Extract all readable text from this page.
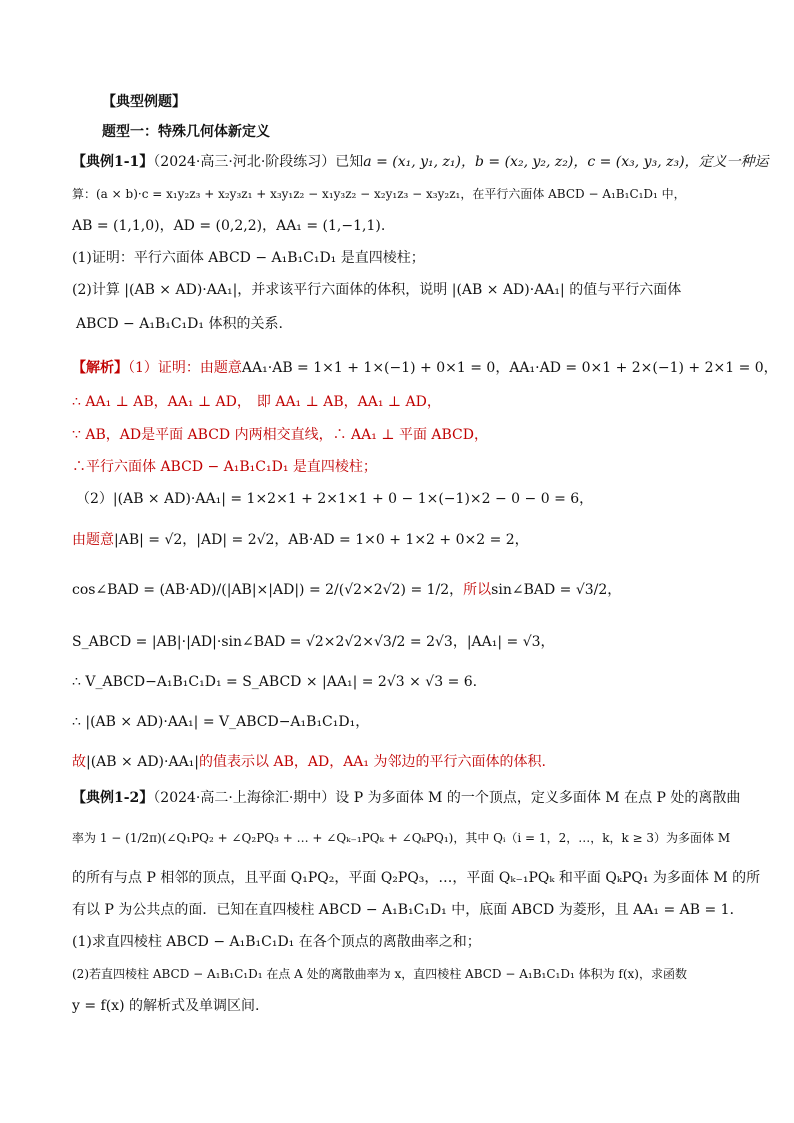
【典型例题】
题型一：特殊几何体新定义
【典例1-1】（2024·高三·河北·阶段练习）已知a = (x₁, y₁, z₁)，b = (x₂, y₂, z₂)，c = (x₃, y₃, z₃)，定义一种运
算：(a × b)·c = x₁y₂z₃ + x₂y₃z₁ + x₃y₁z₂ − x₁y₃z₂ − x₂y₁z₃ − x₃y₂z₁，在平行六面体 ABCD − A₁B₁C₁D₁ 中，
AB = (1,1,0)，AD = (0,2,2)，AA₁ = (1,−1,1).
(1)证明：平行六面体 ABCD − A₁B₁C₁D₁ 是直四棱柱；
(2)计算 |(AB × AD)·AA₁|，并求该平行六面体的体积，说明 |(AB × AD)·AA₁| 的值与平行六面体
ABCD − A₁B₁C₁D₁ 体积的关系.
【解析】（1）证明：由题意AA₁·AB = 1×1 + 1×(−1) + 0×1 = 0，AA₁·AD = 0×1 + 2×(−1) + 2×1 = 0，
∴ AA₁ ⊥ AB，AA₁ ⊥ AD， 即 AA₁ ⊥ AB，AA₁ ⊥ AD，
∵ AB，AD是平面 ABCD 内两相交直线，∴ AA₁ ⊥ 平面 ABCD，
∴平行六面体 ABCD − A₁B₁C₁D₁ 是直四棱柱；
（2）|(AB × AD)·AA₁| = 1×2×1 + 2×1×1 + 0 − 1×(−1)×2 − 0 − 0 = 6，
由题意|AB| = √2，|AD| = 2√2，AB·AD = 1×0 + 1×2 + 0×2 = 2，
cos∠BAD = (AB·AD)/(|AB|×|AD|) = 2/(√2×2√2) = 1/2，所以sin∠BAD = √3/2，
S_ABCD = |AB|·|AD|·sin∠BAD = √2×2√2×√3/2 = 2√3，|AA₁| = √3，
∴ V_ABCD−A₁B₁C₁D₁ = S_ABCD × |AA₁| = 2√3 × √3 = 6.
∴ |(AB × AD)·AA₁| = V_ABCD−A₁B₁C₁D₁，
故|(AB × AD)·AA₁|的值表示以 AB，AD，AA₁ 为邻边的平行六面体的体积.
【典例1-2】（2024·高二·上海徐汇·期中）设 P 为多面体 M 的一个顶点，定义多面体 M 在点 P 处的离散曲
率为 1 − (1/2π)(∠Q₁PQ₂ + ∠Q₂PQ₃ + … + ∠Qₖ₋₁PQₖ + ∠QₖPQ₁)，其中 Qᵢ（i = 1，2，…，k，k ≥ 3）为多面体 M
的所有与点 P 相邻的顶点，且平面 Q₁PQ₂，平面 Q₂PQ₃，…，平面 Qₖ₋₁PQₖ 和平面 QₖPQ₁ 为多面体 M 的所
有以 P 为公共点的面．已知在直四棱柱 ABCD − A₁B₁C₁D₁ 中，底面 ABCD 为菱形，且 AA₁ = AB = 1．
(1)求直四棱柱 ABCD − A₁B₁C₁D₁ 在各个顶点的离散曲率之和；
(2)若直四棱柱 ABCD − A₁B₁C₁D₁ 在点 A 处的离散曲率为 x，直四棱柱 ABCD − A₁B₁C₁D₁ 体积为 f(x)，求函数
y = f(x) 的解析式及单调区间.
